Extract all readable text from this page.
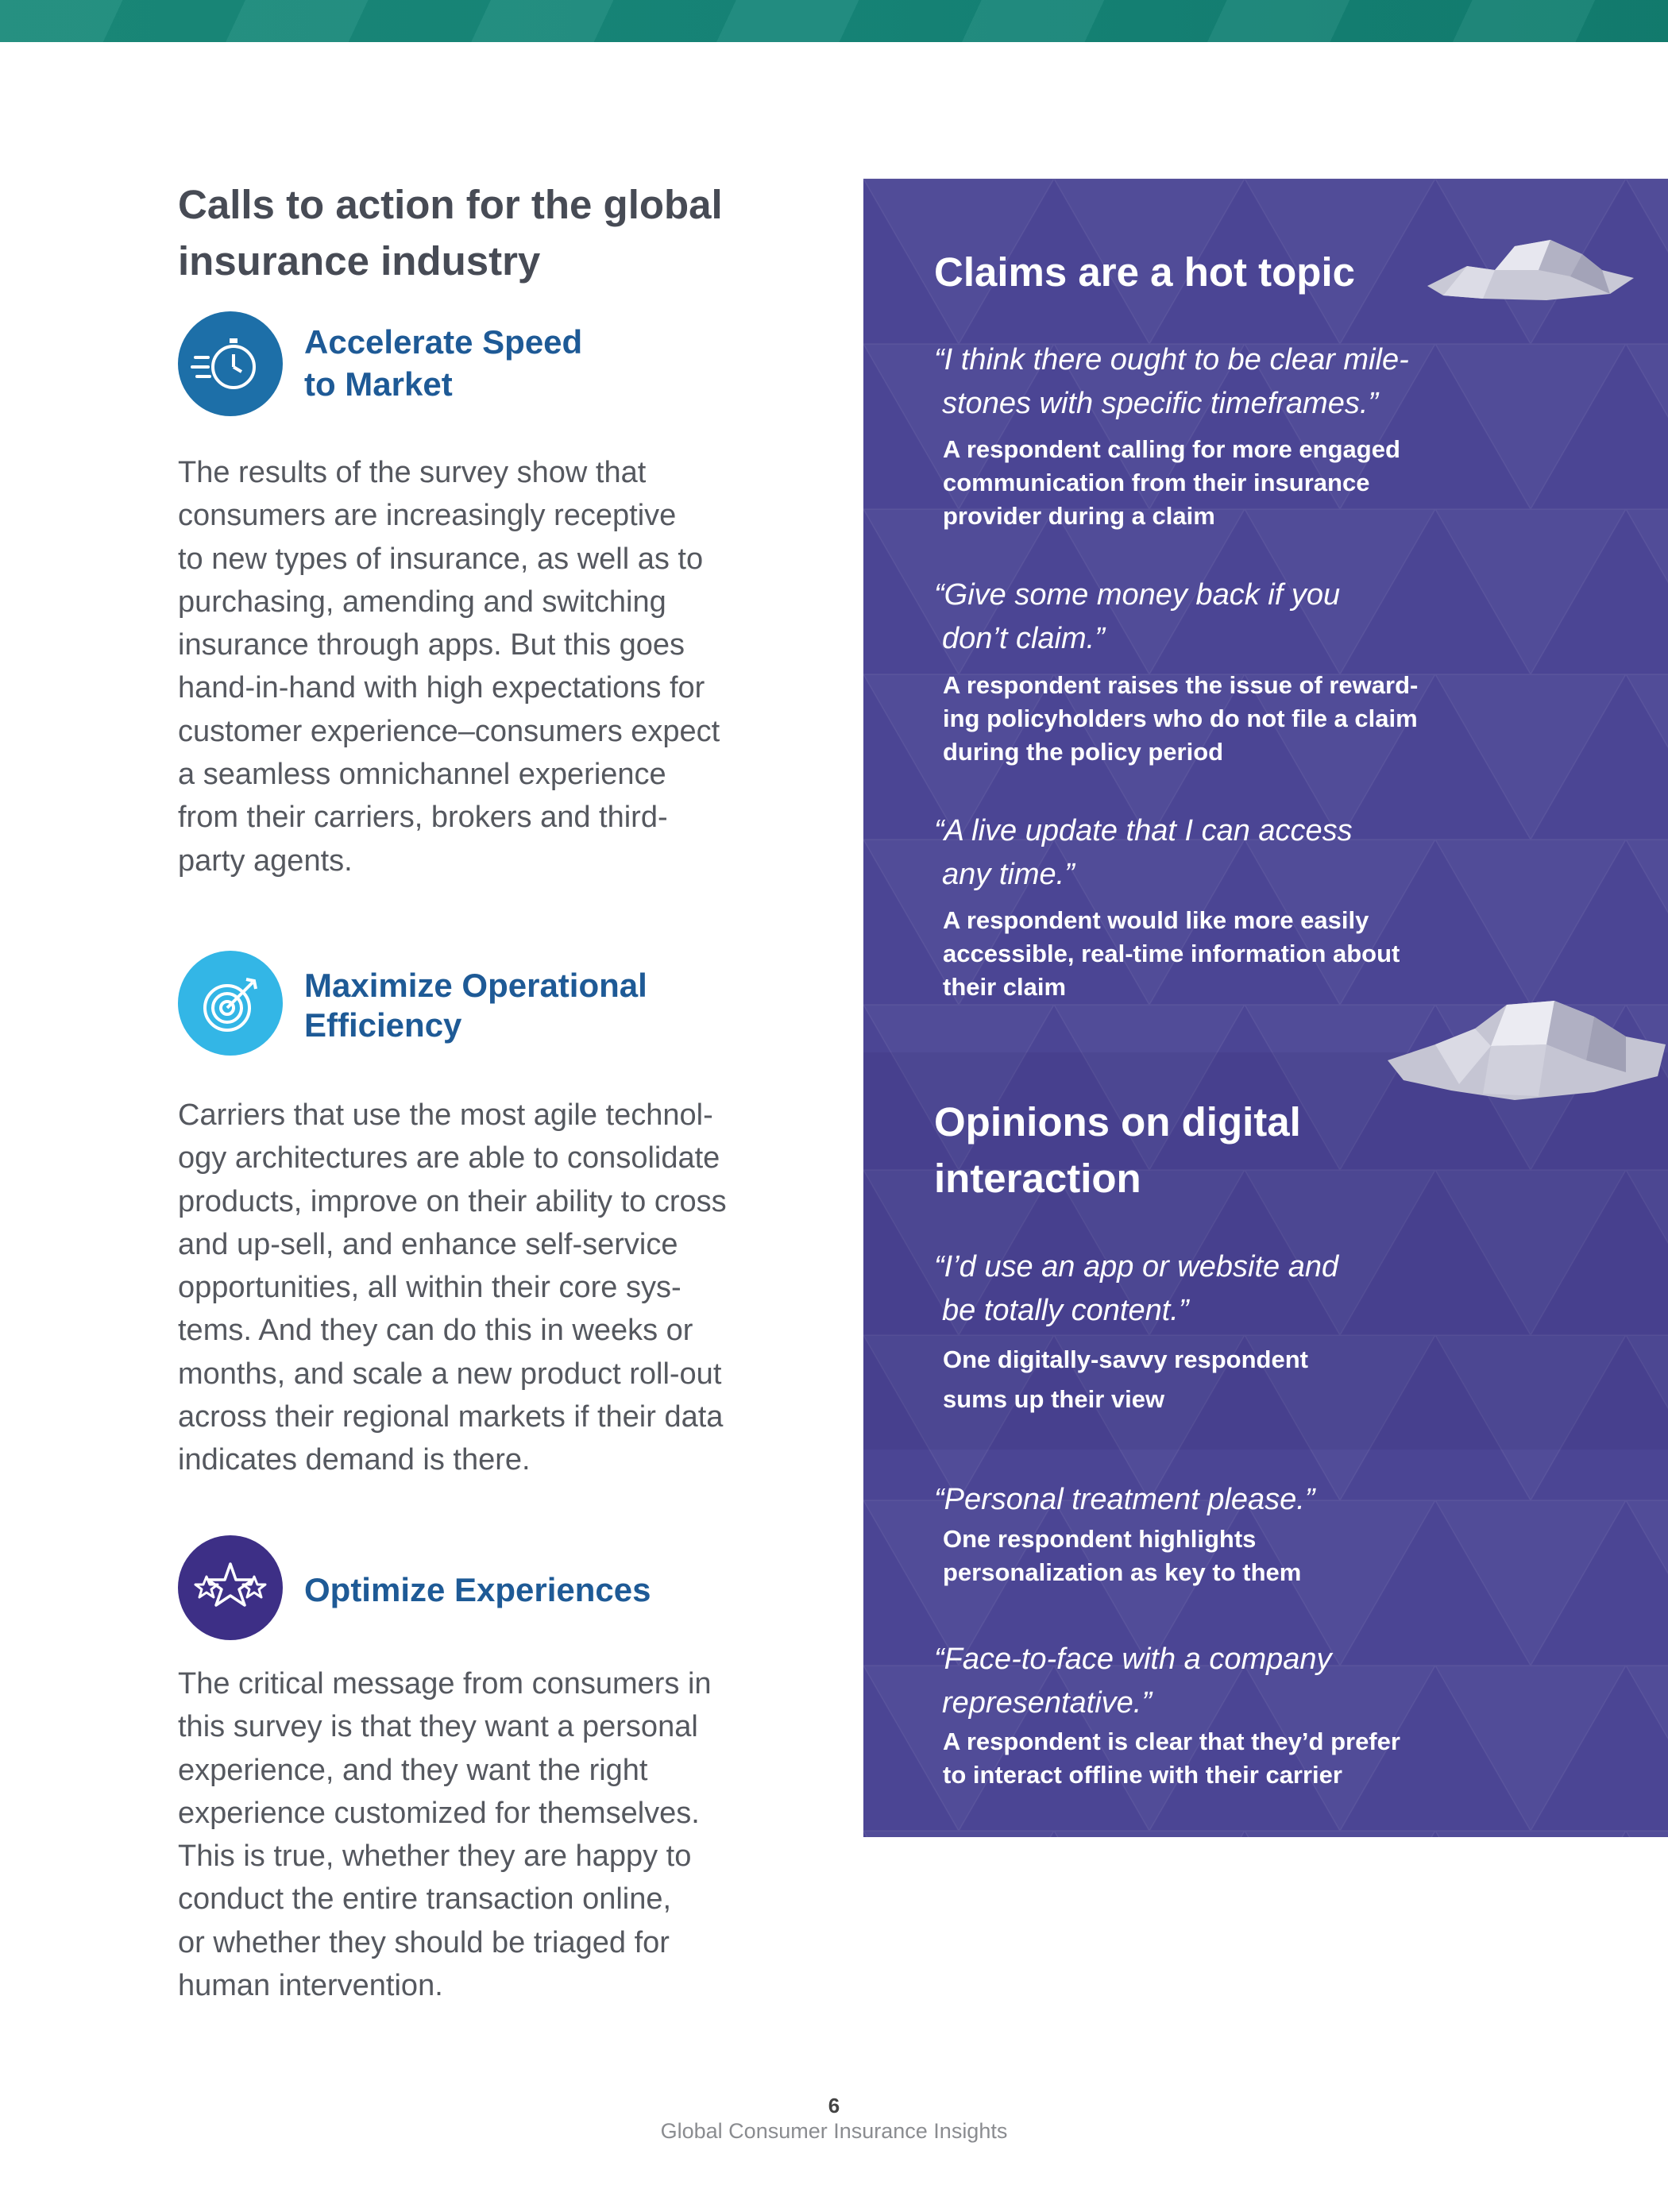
Calls to action for the global insurance industry
Accelerate Speed
to Market

The results of the survey show that
consumers are increasingly receptive
to new types of insurance, as well as to
purchasing, amending and switching
insurance through apps. But this goes
hand-in-hand with high expectations for
customer experience–consumers expect
a seamless omnichannel experience
from their carriers, brokers and third-
party agents.

Maximize Operational
Efficiency

Carriers that use the most agile technol-
ogy architectures are able to consolidate
products, improve on their ability to cross
and up-sell, and enhance self-service
opportunities, all within their core sys-
tems. And they can do this in weeks or
months, and scale a new product roll-out
across their regional markets if their data
indicates demand is there.

Optimize Experiences

The critical message from consumers in
this survey is that they want a personal
experience, and they want the right
experience customized for themselves.
This is true, whether they are happy to
conduct the entire transaction online,
or whether they should be triaged for
human intervention.

Claims are a hot topic

“I think there ought to be clear mile-
stones with specific timeframes.”

A respondent calling for more engaged
communication from their insurance
provider during a claim

“Give some money back if you
don’t claim.”

A respondent raises the issue of reward-
ing policyholders who do not file a claim
during the policy period

“A live update that I can access
any time.”

A respondent would like more easily
accessible, real-time information about
their claim

Opinions on digital
interaction

“I’d use an app or website and
be totally content.”

One digitally-savvy respondent
sums up their view

“Personal treatment please.”

One respondent highlights
personalization as key to them

“Face-to-face with a company
representative.”

A respondent is clear that they’d prefer
to interact offline with their carrier

6
Global Consumer Insurance Insights
